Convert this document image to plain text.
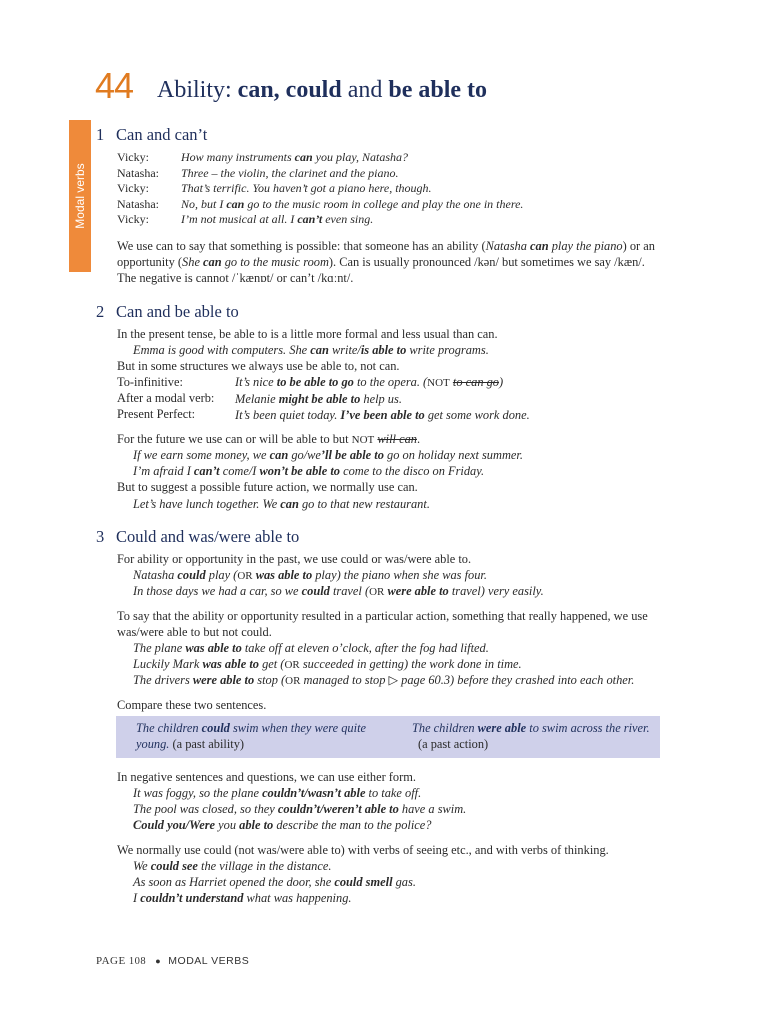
44 Ability: can, could and be able to
Modal verbs
1 Can and can’t
Vicky:
Natasha:
Vicky:
Natasha:
Vicky:
How many instruments can you play, Natasha?
Three – the violin, the clarinet and the piano.
That’s terrific. You haven’t got a piano here, though.
No, but I can go to the music room in college and play the one in there.
I’m not musical at all. I can’t even sing.
We use can to say that something is possible: that someone has an ability (Natasha can play the piano) or an
opportunity (She can go to the music room). Can is usually pronounced /kən/ but sometimes we say /kæn/.
The negative is cannot /ˈkænɒt/ or can’t /kɑːnt/.
2 Can and be able to
In the present tense, be able to is a little more formal and less usual than can.
Emma is good with computers. She can write/is able to write programs.
But in some structures we always use be able to, not can.
To-infinitive:
After a modal verb:
Present Perfect:
It’s nice to be able to go to the opera. (NOT to can go)
Melanie might be able to help us.
It’s been quiet today. I’ve been able to get some work done.
For the future we use can or will be able to but NOT will can.
If we earn some money, we can go/we’ll be able to go on holiday next summer.
I’m afraid I can’t come/I won’t be able to come to the disco on Friday.
But to suggest a possible future action, we normally use can.
Let’s have lunch together. We can go to that new restaurant.
3 Could and was/were able to
For ability or opportunity in the past, we use could or was/were able to.
Natasha could play (OR was able to play) the piano when she was four.
In those days we had a car, so we could travel (OR were able to travel) very easily.
To say that the ability or opportunity resulted in a particular action, something that really happened, we use
was/were able to but not could.
The plane was able to take off at eleven o’clock, after the fog had lifted.
Luckily Mark was able to get (OR succeeded in getting) the work done in time.
The drivers were able to stop (OR managed to stop ▷ page 60.3) before they crashed into each other.
Compare these two sentences.
The children could swim when they were quite
young. (a past ability)
The children were able to swim across the river.
(a past action)
In negative sentences and questions, we can use either form.
It was foggy, so the plane couldn’t/wasn’t able to take off.
The pool was closed, so they couldn’t/weren’t able to have a swim.
Could you/Were you able to describe the man to the police?
We normally use could (not was/were able to) with verbs of seeing etc., and with verbs of thinking.
We could see the village in the distance.
As soon as Harriet opened the door, she could smell gas.
I couldn’t understand what was happening.
PAGE 108 ● MODAL VERBS
